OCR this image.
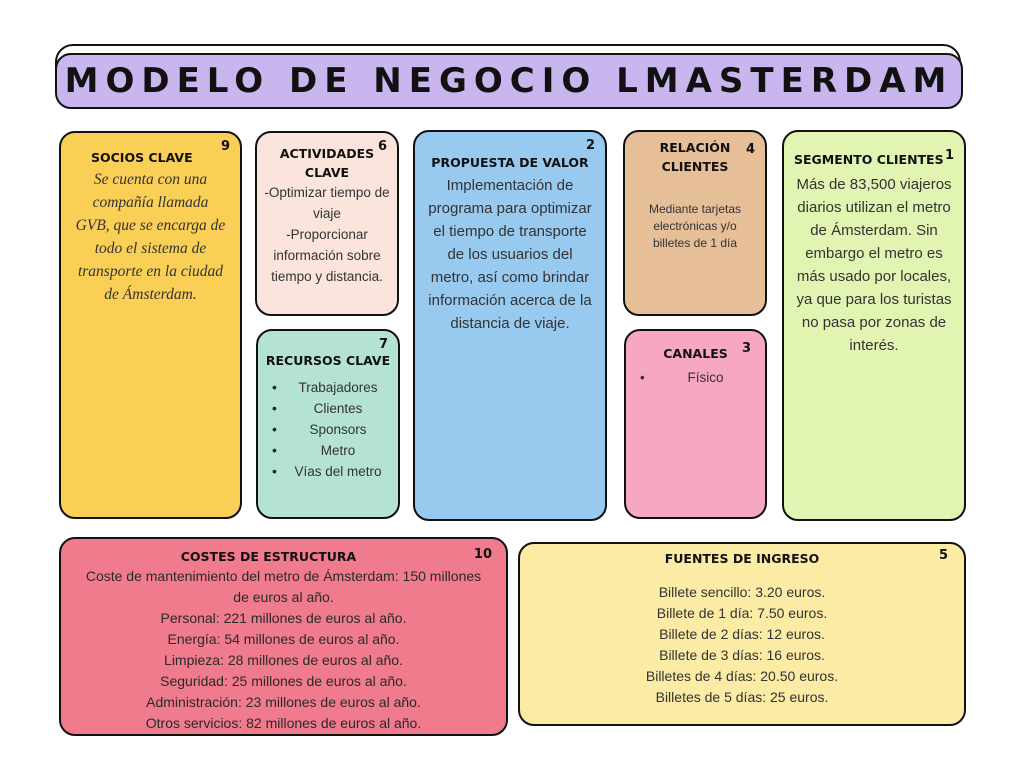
MODELO DE NEGOCIO LMASTERDAM
9
SOCIOS CLAVE
Se cuenta con una compañía llamada GVB, que se encarga de todo el sistema de transporte en la ciudad de Ámsterdam.
6
ACTIVIDADES CLAVE
-Optimizar tiempo de viaje
-Proporcionar información sobre tiempo y distancia.
7
RECURSOS CLAVE
• Trabajadores
• Clientes
• Sponsors
• Metro
• Vías del metro
2
PROPUESTA DE VALOR
Implementación de programa para optimizar el tiempo de transporte de los usuarios del metro, así como brindar información acerca de la distancia de viaje.
4
RELACIÓN CLIENTES
Mediante tarjetas electrónicas y/o billetes de 1 día
3
CANALES
• Físico
1
SEGMENTO CLIENTES
Más de 83,500 viajeros diarios utilizan el metro de Ámsterdam. Sin embargo el metro es más usado por locales, ya que para los turistas no pasa por zonas de interés.
10
COSTES DE ESTRUCTURA
Coste de mantenimiento del metro de Ámsterdam: 150 millones de euros al año.
Personal: 221 millones de euros al año.
Energía: 54 millones de euros al año.
Limpieza: 28 millones de euros al año.
Seguridad: 25 millones de euros al año.
Administración: 23 millones de euros al año.
Otros servicios: 82 millones de euros al año.
5
FUENTES DE INGRESO
Billete sencillo: 3.20 euros.
Billete de 1 día: 7.50 euros.
Billete de 2 días: 12 euros.
Billete de 3 días: 16 euros.
Billetes de 4 días: 20.50 euros.
Billetes de 5 días: 25 euros.
